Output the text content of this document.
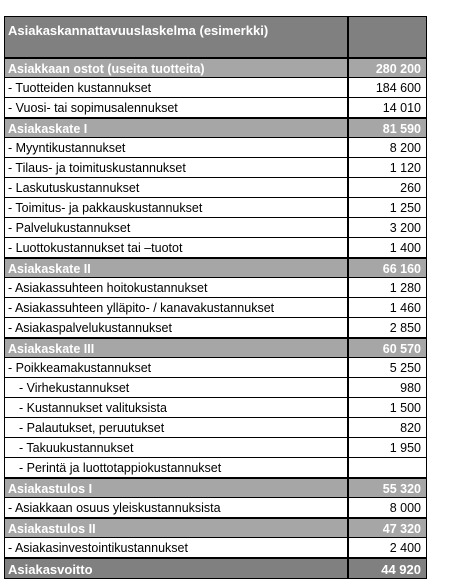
Asiakaskannattavuuslaskelma (esimerkki)
Asiakkaan ostot (useita tuotteita)	280 200
- Tuotteiden kustannukset	184 600
- Vuosi- tai sopimusalennukset	14 010
Asiakaskate I	81 590
- Myyntikustannukset	8 200
- Tilaus- ja toimituskustannukset	1 120
- Laskutuskustannukset	260
- Toimitus- ja pakkauskustannukset	1 250
- Palvelukustannukset	3 200
- Luottokustannukset tai –tuotot	1 400
Asiakaskate II	66 160
- Asiakassuhteen hoitokustannukset	1 280
- Asiakassuhteen ylläpito- / kanavakustannukset	1 460
- Asiakaspalvelukustannukset	2 850
Asiakaskate III	60 570
- Poikkeamakustannukset	5 250
- Virhekustannukset	980
- Kustannukset valituksista	1 500
- Palautukset, peruutukset	820
- Takuukustannukset	1 950
- Perintä ja luottotappiokustannukset
Asiakastulos I	55 320
- Asiakkaan osuus yleiskustannuksista	8 000
Asiakastulos II	47 320
- Asiakasinvestointikustannukset	2 400
Asiakasvoitto	44 920
